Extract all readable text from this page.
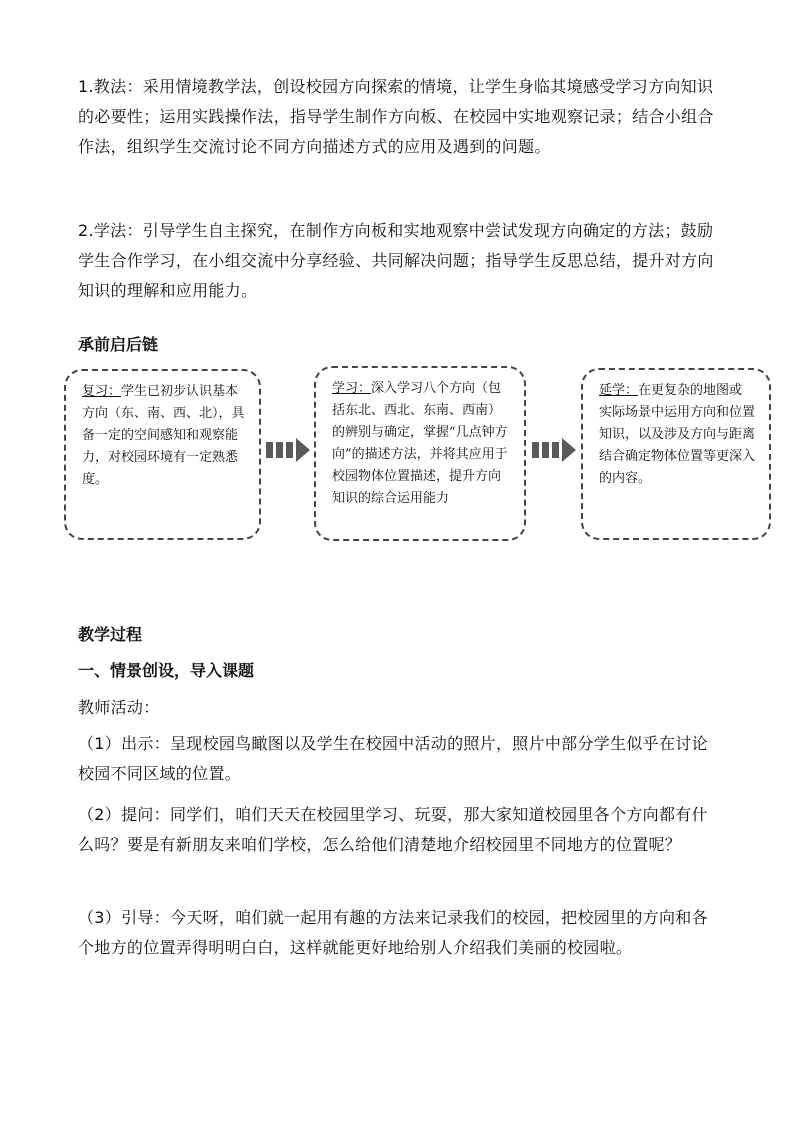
1.教法：采用情境教学法，创设校园方向探索的情境，让学生身临其境感受学习方向知识的必要性；运用实践操作法，指导学生制作方向板、在校园中实地观察记录；结合小组合作法，组织学生交流讨论不同方向描述方式的应用及遇到的问题。

2.学法：引导学生自主探究，在制作方向板和实地观察中尝试发现方向确定的方法；鼓励学生合作学习，在小组交流中分享经验、共同解决问题；指导学生反思总结，提升对方向知识的理解和应用能力。

承前启后链

复习：学生已初步认识基本方向（东、南、西、北），具备一定的空间感知和观察能力，对校园环境有一定熟悉度。
学习：深入学习八个方向（包括东北、西北、东南、西南）的辨别与确定，掌握“几点钟方向”的描述方法，并将其应用于校园物体位置描述，提升方向知识的综合运用能力
延学：在更复杂的地图或实际场景中运用方向和位置知识，以及涉及方向与距离结合确定物体位置等更深入的内容。

教学过程

一、情景创设，导入课题

教师活动：

（1）出示：呈现校园鸟瞰图以及学生在校园中活动的照片，照片中部分学生似乎在讨论校园不同区域的位置。

（2）提问：同学们，咱们天天在校园里学习、玩耍，那大家知道校园里各个方向都有什么吗？要是有新朋友来咱们学校，怎么给他们清楚地介绍校园里不同地方的位置呢？

（3）引导：今天呀，咱们就一起用有趣的方法来记录我们的校园，把校园里的方向和各个地方的位置弄得明明白白，这样就能更好地给别人介绍我们美丽的校园啦。
